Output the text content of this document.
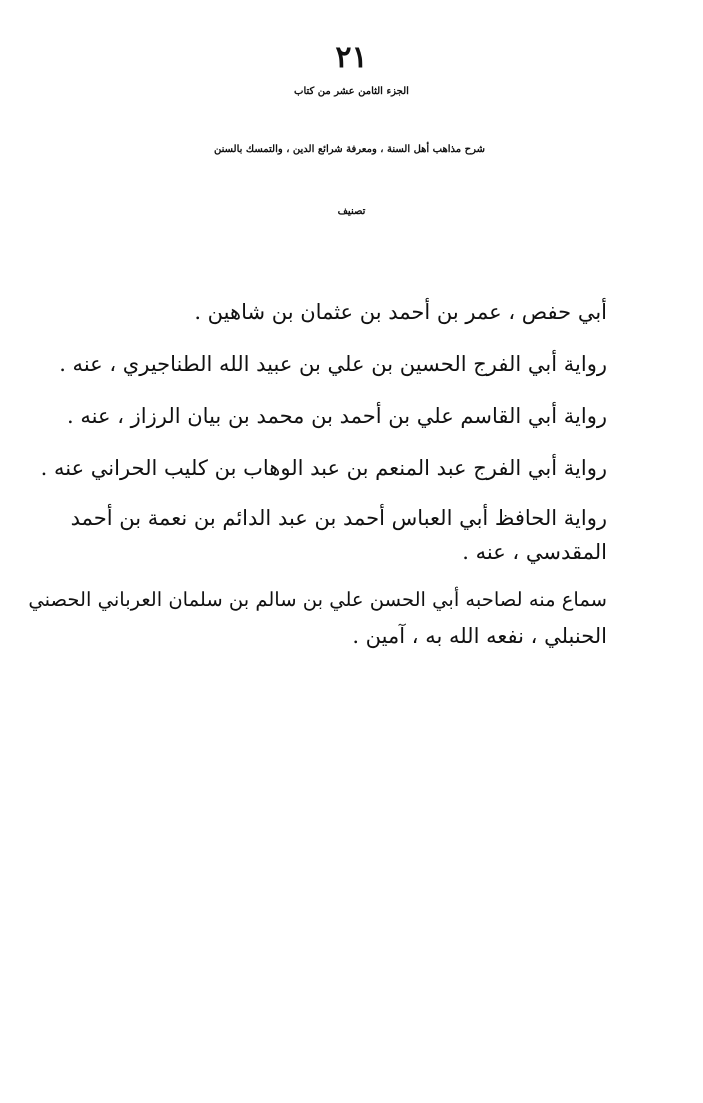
٢١
الجزء الثامن عشر من كتاب
شرح مذاهب أهل السنة ، ومعرفة شرائع الدين ، والتمسك بالسنن
تصنيف
أبي حفص ، عمر بن أحمد بن عثمان بن شاهين .
رواية أبي الفرج الحسين بن علي بن عبيد الله الطناجيري ، عنه .
رواية أبي القاسم علي بن أحمد بن محمد بن بيان الرزاز ، عنه .
رواية أبي الفرج عبد المنعم بن عبد الوهاب بن كليب الحراني عنه .
رواية الحافظ أبي العباس أحمد بن عبد الدائم بن نعمة بن أحمد
المقدسي ، عنه .
سماع منه لصاحبه أبي الحسن علي بن سالم بن سلمان العرباني الحصني
الحنبلي ، نفعه الله به ، آمين .
